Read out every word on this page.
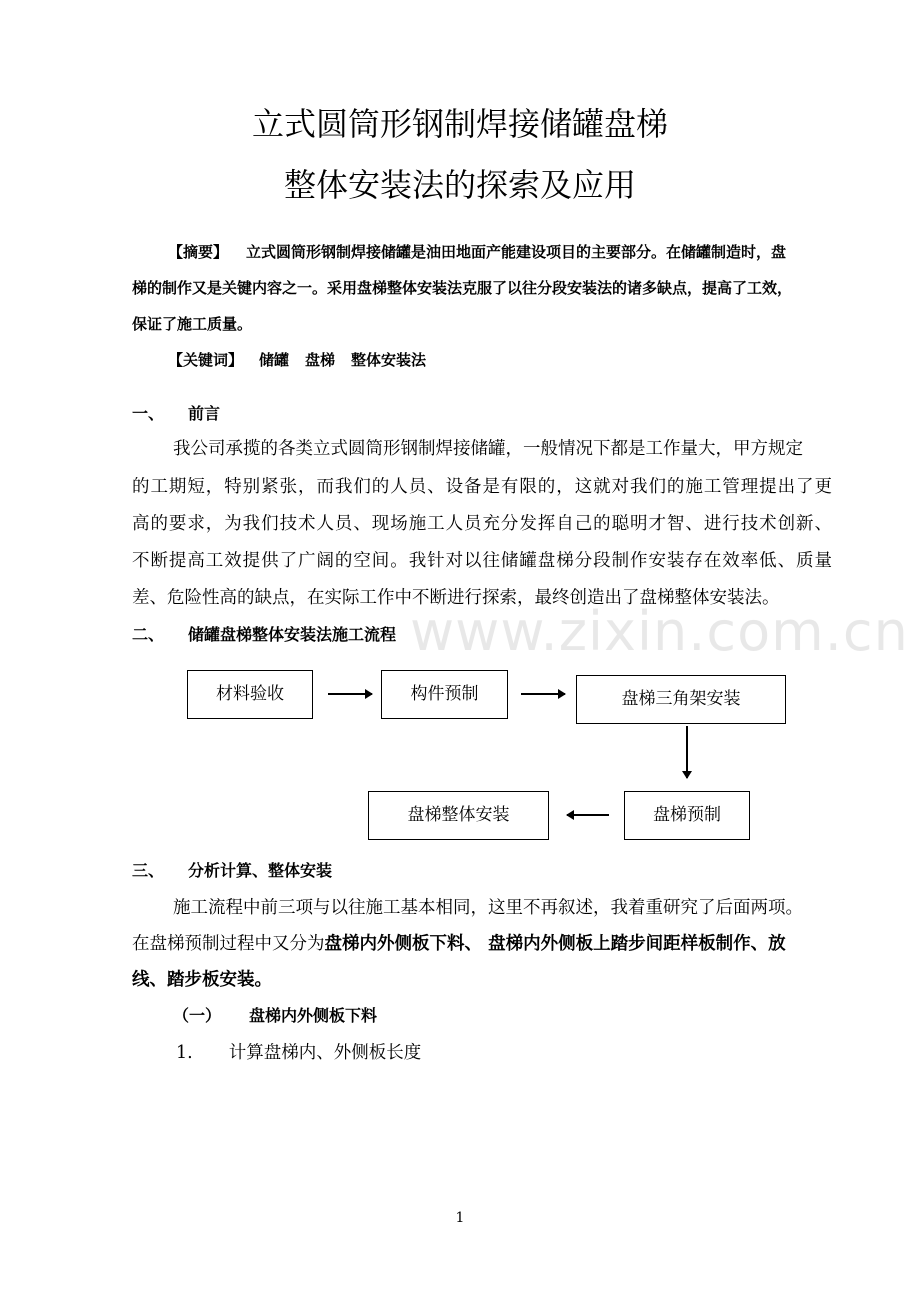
立式圆筒形钢制焊接储罐盘梯
整体安装法的探索及应用
【摘要】 立式圆筒形钢制焊接储罐是油田地面产能建设项目的主要部分。在储罐制造时，盘
梯的制作又是关键内容之一。采用盘梯整体安装法克服了以往分段安装法的诸多缺点，提高了工效，
保证了施工质量。
【关键词】 储罐 盘梯 整体安装法
一、 前言
我公司承揽的各类立式圆筒形钢制焊接储罐，一般情况下都是工作量大，甲方规定
的工期短，特别紧张，而我们的人员、设备是有限的，这就对我们的施工管理提出了更
高的要求，为我们技术人员、现场施工人员充分发挥自己的聪明才智、进行技术创新、
不断提高工效提供了广阔的空间。我针对以往储罐盘梯分段制作安装存在效率低、质量
差、危险性高的缺点，在实际工作中不断进行探索，最终创造出了盘梯整体安装法。
二、 储罐盘梯整体安装法施工流程 www.zixin.com.cn
材料验收	构件预制	盘梯三角架安装
盘梯预制
盘梯整体安装
三、 分析计算、整体安装
施工流程中前三项与以往施工基本相同，这里不再叙述，我着重研究了后面两项。
在盘梯预制过程中又分为盘梯内外侧板下料、 盘梯内外侧板上踏步间距样板制作、放
线、踏步板安装。
（一） 盘梯内外侧板下料
1. 计算盘梯内、外侧板长度
1
